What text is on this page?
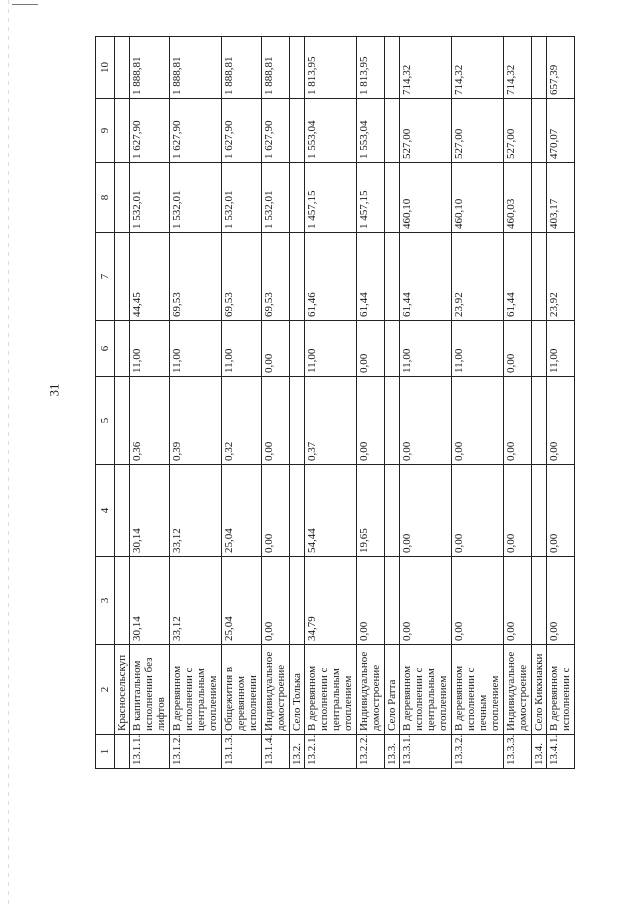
31
1	2	3	4	5	6	7	8	9	10
	Красносельскуп								
13.1.1.	В капитальном исполнении без лифтов	30,14	30,14	0,36	11,00	44,45	1 532,01	1 627,90	1 888,81
13.1.2.	В деревянном исполнении с центральным отоплением	33,12	33,12	0,39	11,00	69,53	1 532,01	1 627,90	1 888,81
13.1.3.	Общежития в деревянном исполнении	25,04	25,04	0,32	11,00	69,53	1 532,01	1 627,90	1 888,81
13.1.4.	Индивидуальное домостроение	0,00	0,00	0,00	0,00	69,53	1 532,01	1 627,90	1 888,81
13.2.	Село Толька								
13.2.1.	В деревянном исполнении с центральным отоплением	34,79	54,44	0,37	11,00	61,46	1 457,15	1 553,04	1 813,95
13.2.2.	Индивидуальное домостроение	0,00	19,65	0,00	0,00	61,44	1 457,15	1 553,04	1 813,95
13.3.	Село Ратта								
13.3.1.	В деревянном исполнении с центральным отоплением	0,00	0,00	0,00	11,00	61,44	460,10	527,00	714,32
13.3.2.	В деревянном исполнении с печным отоплением	0,00	0,00	0,00	11,00	23,92	460,10	527,00	714,32
13.3.3.	Индивидуальное домостроение	0,00	0,00	0,00	0,00	61,44	460,03	527,00	714,32
13.4.	Село Киккиакки								
13.4.1.	В деревянном исполнении с	0,00	0,00	0,00	11,00	23,92	403,17	470,07	657,39
